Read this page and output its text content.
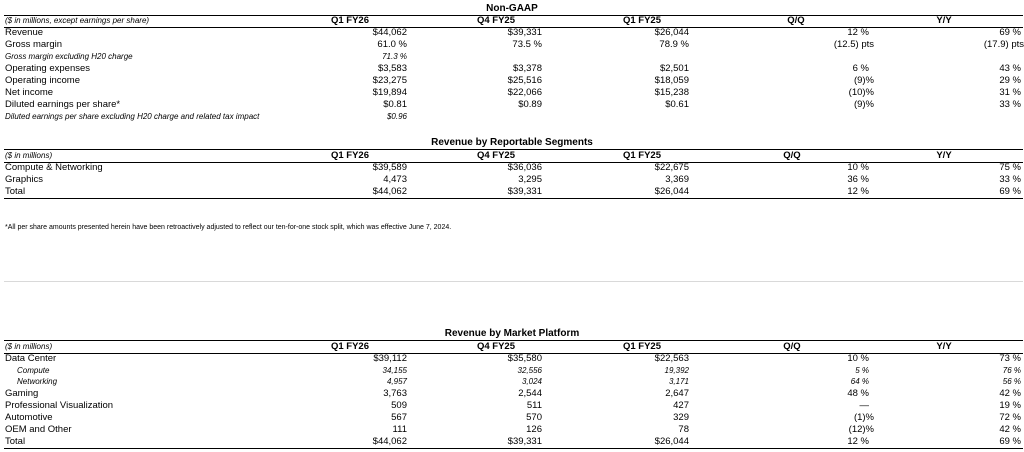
Non-GAAP
($ in millions, except earnings per share)	Q1 FY26	Q4 FY25	Q1 FY25	Q/Q	Y/Y
Revenue	$44,062	$39,331	$26,044	12 %	69 %
Gross margin	61.0 %	73.5 %	78.9 %	(12.5) pts	(17.9) pts
Gross margin excluding H20 charge	71.3 %
Operating expenses	$3,583	$3,378	$2,501	6 %	43 %
Operating income	$23,275	$25,516	$18,059	(9)%	29 %
Net income	$19,894	$22,066	$15,238	(10)%	31 %
Diluted earnings per share*	$0.81	$0.89	$0.61	(9)%	33 %
Diluted earnings per share excluding H20 charge and related tax impact	$0.96
Revenue by Reportable Segments
($ in millions)	Q1 FY26	Q4 FY25	Q1 FY25	Q/Q	Y/Y
Compute & Networking	$39,589	$36,036	$22,675	10 %	75 %
Graphics	4,473	3,295	3,369	36 %	33 %
Total	$44,062	$39,331	$26,044	12 %	69 %
*All per share amounts presented herein have been retroactively adjusted to reflect our ten-for-one stock split, which was effective June 7, 2024.
Revenue by Market Platform
($ in millions)	Q1 FY26	Q4 FY25	Q1 FY25	Q/Q	Y/Y
Data Center	$39,112	$35,580	$22,563	10 %	73 %
Compute	34,155	32,556	19,392	5 %	76 %
Networking	4,957	3,024	3,171	64 %	56 %
Gaming	3,763	2,544	2,647	48 %	42 %
Professional Visualization	509	511	427	—	19 %
Automotive	567	570	329	(1)%	72 %
OEM and Other	111	126	78	(12)%	42 %
Total	$44,062	$39,331	$26,044	12 %	69 %
